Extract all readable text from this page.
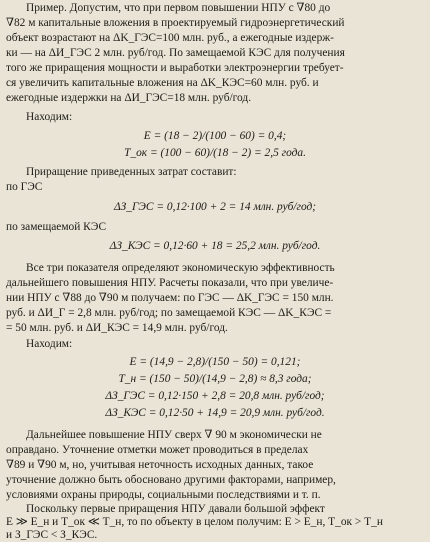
Пример. Допустим, что при первом повышении НПУ с ∇80 до
∇82 м капитальные вложения в проектируемый гидроэнергетический
объект возрастают на ΔK_ГЭС=100 млн. руб., а ежегодные издерж-
ки — на ΔИ_ГЭС 2 млн. руб/год. По замещаемой КЭС для получения
того же приращения мощности и выработки электроэнергии требует-
ся увеличить капитальные вложения на ΔK_КЭС=60 млн. руб. и
ежегодные издержки на ΔИ_ГЭС=18 млн. руб/год.
Находим:
E = (18 − 2)/(100 − 60) = 0,4;
T_ок = (100 − 60)/(18 − 2) = 2,5 года.
Приращение приведенных затрат составит:
по ГЭС
ΔЗ_ГЭС = 0,12·100 + 2 = 14 млн. руб/год;
по замещаемой КЭС
ΔЗ_КЭС = 0,12·60 + 18 = 25,2 млн. руб/год.
Все три показателя определяют экономическую эффективность
дальнейшего повышения НПУ. Расчеты показали, что при увеличе-
нии НПУ с ∇88 до ∇90 м получаем: по ГЭС — ΔK_ГЭС = 150 млн.
руб. и ΔИ_Г = 2,8 млн. руб/год; по замещаемой КЭС — ΔK_КЭС =
= 50 млн. руб. и ΔИ_КЭС = 14,9 млн. руб/год.
Находим:
E = (14,9 − 2,8)/(150 − 50) = 0,121;
T_н = (150 − 50)/(14,9 − 2,8) ≈ 8,3 года;
ΔЗ_ГЭС = 0,12·150 + 2,8 = 20,8 млн. руб/год;
ΔЗ_КЭС = 0,12·50 + 14,9 = 20,9 млн. руб/год.
Дальнейшее повышение НПУ сверх ∇ 90 м экономически не
оправдано. Уточнение отметки может проводиться в пределах
∇89 и ∇90 м, но, учитывая неточность исходных данных, такое
уточнение должно быть обосновано другими факторами, например,
условиями охраны природы, социальными последствиями и т. п.
Поскольку первые приращения НПУ давали большой эффект
E ≫ E_н и T_ок ≪ T_н, то по объекту в целом получим: E > E_н, T_ок > T_н
и З_ГЭС < З_КЭС.
